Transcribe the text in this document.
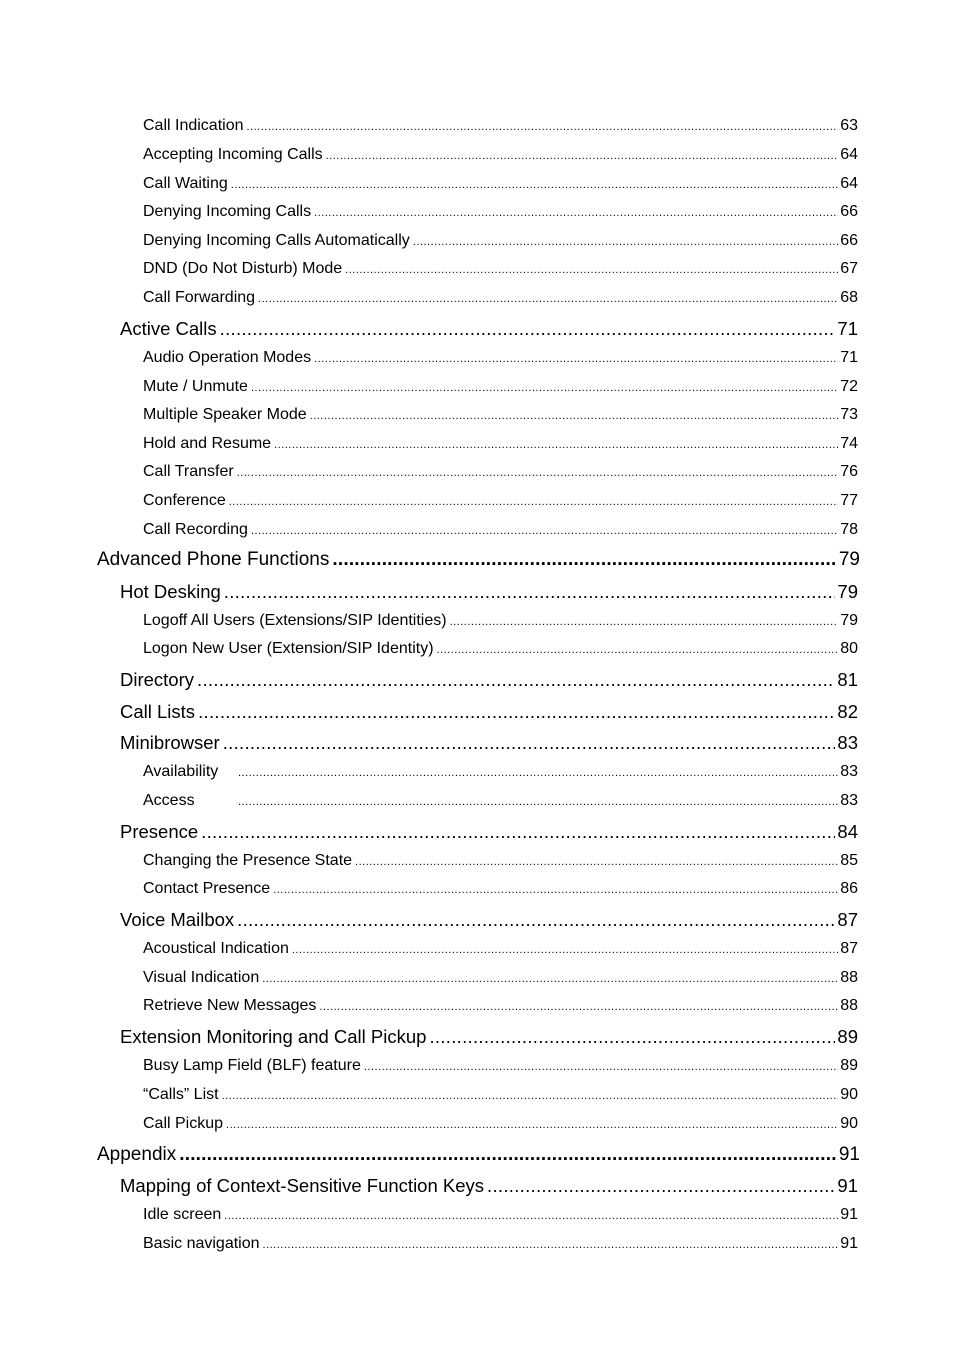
Call Indication .....	63
Accepting Incoming Calls .....	64
Call Waiting .....	64
Denying Incoming Calls .....	66
Denying Incoming Calls Automatically .....	66
DND (Do Not Disturb) Mode .....	67
Call Forwarding .....	68
Active Calls .....	71
Audio Operation Modes .....	71
Mute / Unmute .....	72
Multiple Speaker Mode .....	73
Hold and Resume .....	74
Call Transfer .....	76
Conference .....	77
Call Recording .....	78
Advanced Phone Functions .....	79
Hot Desking .....	79
Logoff All Users (Extensions/SIP Identities) .....	79
Logon New User (Extension/SIP Identity) .....	80
Directory .....	81
Call Lists .....	82
Minibrowser .....	83
Availability .....	83
Access .....	83
Presence .....	84
Changing the Presence State .....	85
Contact Presence .....	86
Voice Mailbox .....	87
Acoustical Indication .....	87
Visual Indication .....	88
Retrieve New Messages .....	88
Extension Monitoring and Call Pickup .....	89
Busy Lamp Field (BLF) feature .....	89
“Calls” List .....	90
Call Pickup .....	90
Appendix .....	91
Mapping of Context-Sensitive Function Keys .....	91
Idle screen .....	91
Basic navigation .....	91
